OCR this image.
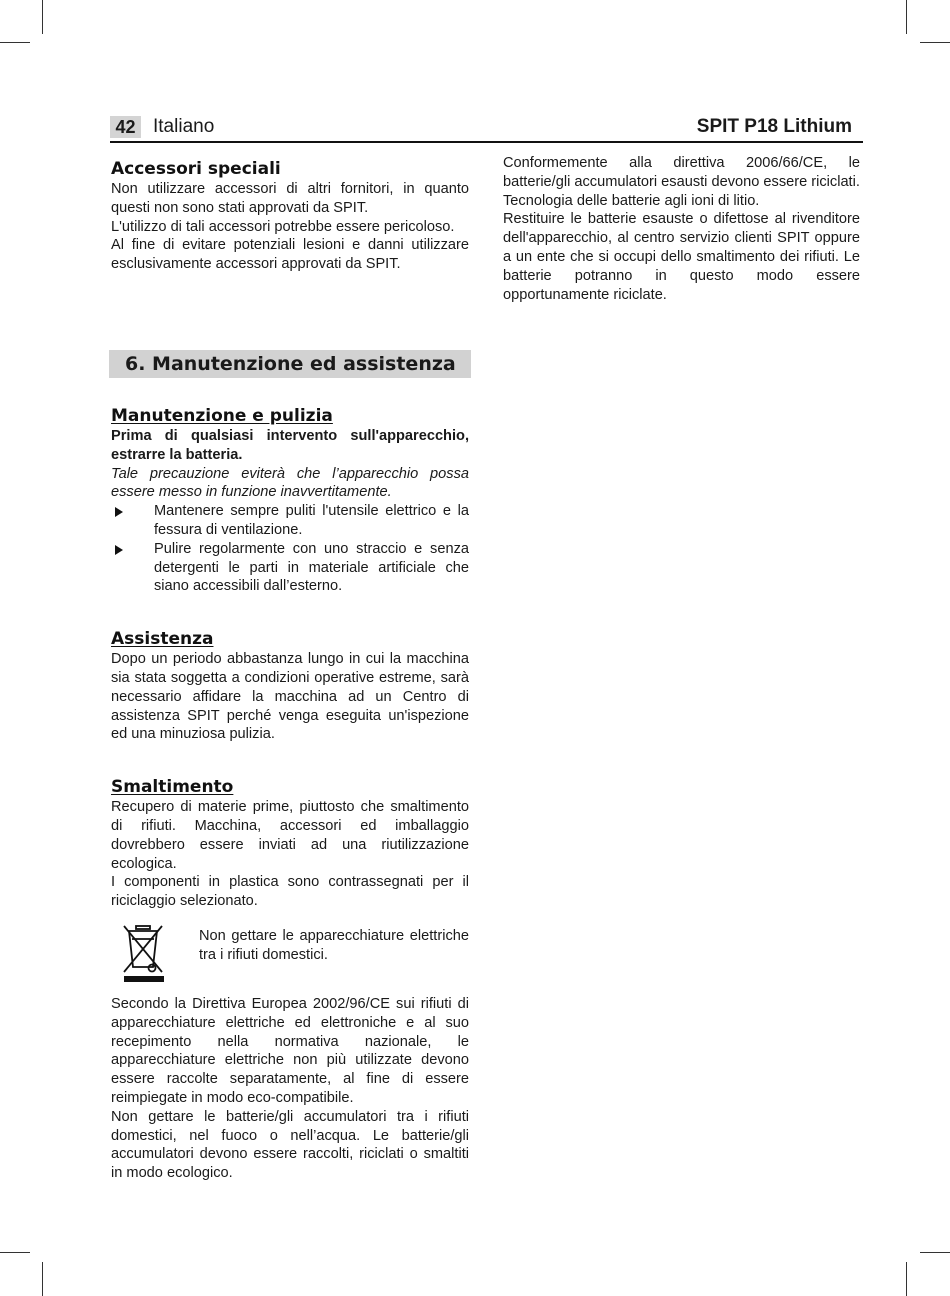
42 Italiano	SPIT P18 Lithium
Accessori speciali

Non utilizzare accessori di altri fornitori, in quanto questi non sono stati approvati da SPIT.

L'utilizzo di tali accessori potrebbe essere pericoloso.

Al fine di evitare potenziali lesioni e danni utilizzare esclusivamente accessori approvati da SPIT.

6. Manutenzione ed assistenza
Manutenzione e pulizia

Prima di qualsiasi intervento sull'apparecchio, estrarre la batteria.

Tale precauzione eviterà che l’apparecchio possa essere messo in funzione inavvertitamente.

Mantenere sempre puliti l'utensile elettrico e la fessura di ventilazione.
Pulire regolarmente con uno straccio e senza detergenti le parti in materiale artificiale che siano accessibili dall’esterno.
Assistenza

Dopo un periodo abbastanza lungo in cui la macchina sia stata soggetta a condizioni operative estreme, sarà necessario affidare la macchina ad un Centro di assistenza SPIT perché venga eseguita un'ispezione ed una minuziosa pulizia.

Smaltimento

Recupero di materie prime, piuttosto che smaltimento di rifiuti. Macchina, accessori ed imballaggio dovrebbero essere inviati ad una riutilizzazione ecologica.

I componenti in plastica sono contrassegnati per il riciclaggio selezionato.

Non gettare le apparecchiature elettriche tra i rifiuti domestici.

Secondo la Direttiva Europea 2002/96/CE sui rifiuti di apparecchiature elettriche ed elettroniche e al suo recepimento nella normativa nazionale, le apparecchiature elettriche non più utilizzate devono essere raccolte separatamente, al fine di essere reimpiegate in modo eco-compatibile.

Non gettare le batterie/gli accumulatori tra i rifiuti domestici, nel fuoco o nell’acqua. Le batterie/gli accumulatori devono essere raccolti, riciclati o smaltiti in modo ecologico.

Conformemente alla direttiva 2006/66/CE, le batterie/gli accumulatori esausti devono essere riciclati.

Tecnologia delle batterie agli ioni di litio.

Restituire le batterie esauste o difettose al rivenditore dell'apparecchio, al centro servizio clienti SPIT oppure a un ente che si occupi dello smaltimento dei rifiuti. Le batterie potranno in questo modo essere opportunamente riciclate.
